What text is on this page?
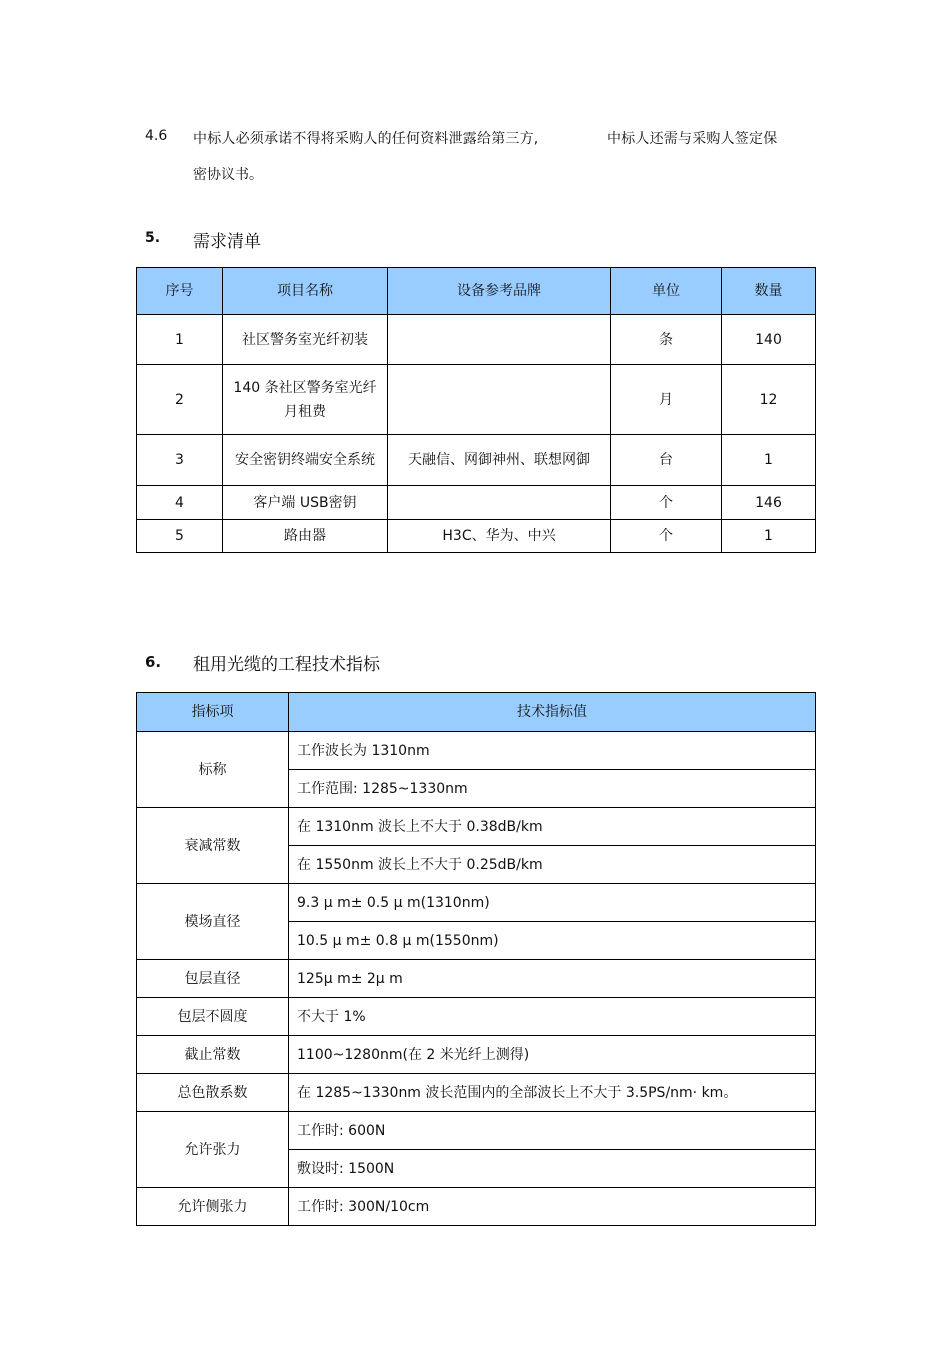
4.6 中标人必须承诺不得将采购人的任何资料泄露给第三方,	中标人还需与采购人签定保
密协议书。
5. 需求清单
序号	项目名称	设备参考品牌	单位	数量
1	社区警务室光纤初装		条	140
2	140 条社区警务室光纤月租费		月	12
3	安全密钥终端安全系统	天融信、网御神州、联想网御	台	1
4	客户端 USB密钥		个	146
5	路由器	H3C、华为、中兴	个	1
6. 租用光缆的工程技术指标
指标项	技术指标值
标称	工作波长为 1310nm
	工作范围: 1285~1330nm
衰减常数	在 1310nm 波长上不大于 0.38dB/km
	在 1550nm 波长上不大于 0.25dB/km
模场直径	9.3 μ m± 0.5 μ m(1310nm)
	10.5 μ m± 0.8 μ m(1550nm)
包层直径	125μ m± 2μ m
包层不圆度	不大于 1%
截止常数	1100~1280nm(在 2 米光纤上测得)
总色散系数	在 1285~1330nm 波长范围内的全部波长上不大于 3.5PS/nm· km。
允许张力	工作时: 600N
	敷设时: 1500N
允许侧张力	工作时: 300N/10cm
